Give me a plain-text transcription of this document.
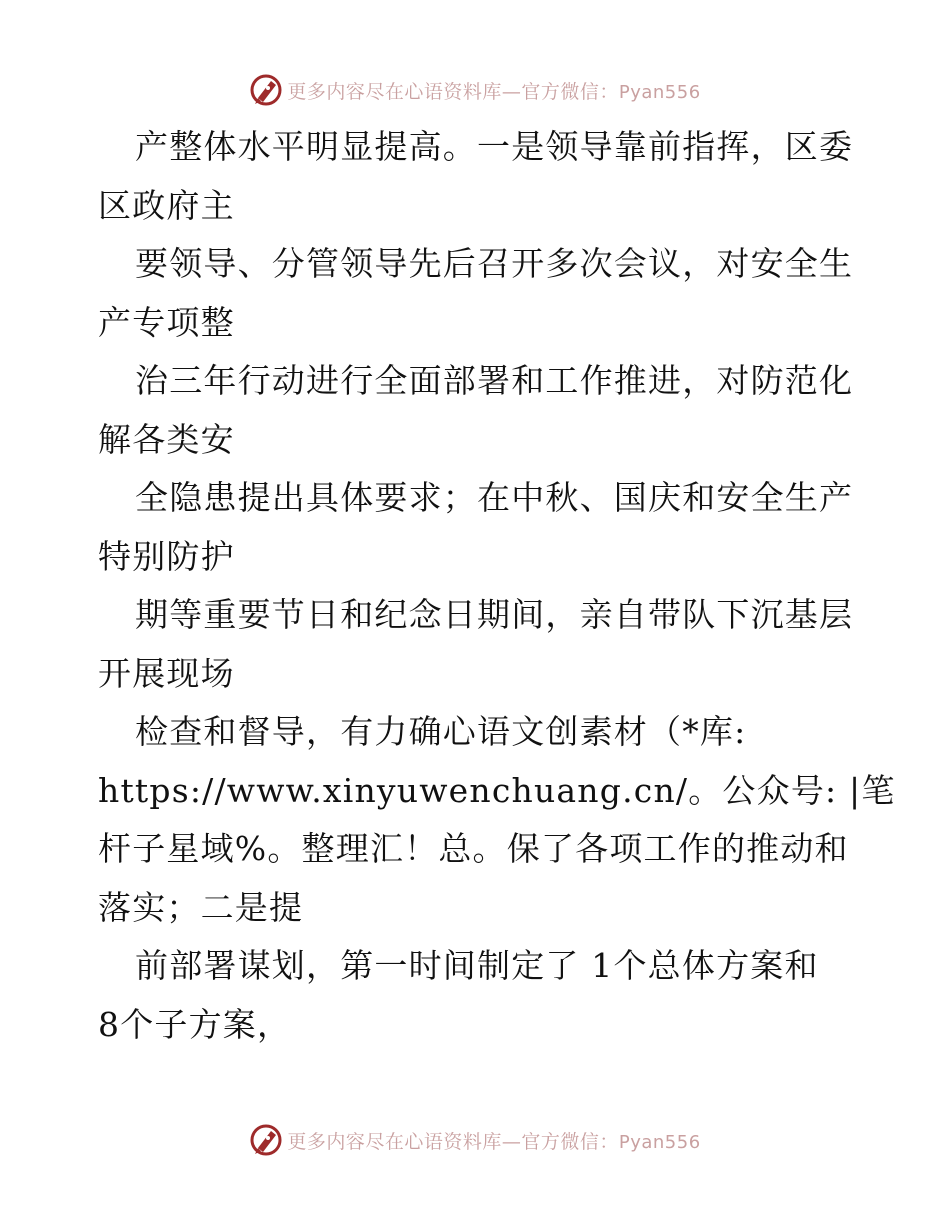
更多内容尽在心语资料库—官方微信：Pyan556
产整体水平明显提高。一是领导靠前指挥，区委
区政府主
要领导、分管领导先后召开多次会议，对安全生
产专项整
治三年行动进行全面部署和工作推进，对防范化
解各类安
全隐患提出具体要求；在中秋、国庆和安全生产
特别防护
期等重要节日和纪念日期间，亲自带队下沉基层
开展现场
检查和督导，有力确心语文创素材（*库:
https://www.xinyuwenchuang.cn/。公众号: |笔
杆子星域%。整理汇！总。保了各项工作的推动和
落实；二是提
前部署谋划，第一时间制定了 1个总体方案和
8个子方案，
更多内容尽在心语资料库—官方微信：Pyan556
